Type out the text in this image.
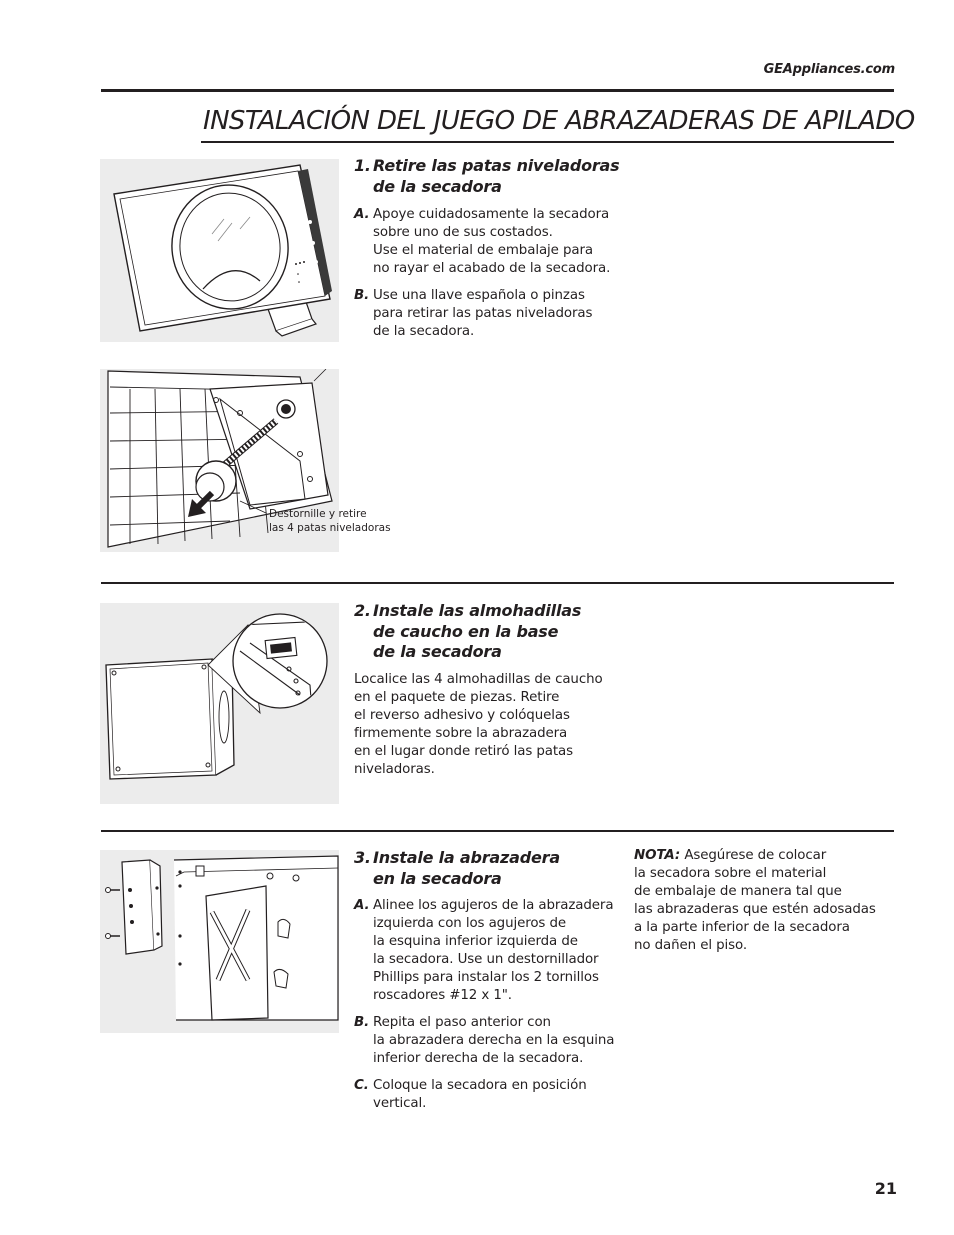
GEAppliances.com
INSTALACIÓN DEL JUEGO DE ABRAZADERAS DE APILADO
1. Retire las patas niveladoras
de la secadora
A. Apoye cuidadosamente la secadora
sobre uno de sus costados.
Use el material de embalaje para
no rayar el acabado de la secadora.
B. Use una llave española o pinzas
para retirar las patas niveladoras
de la secadora.
Destornille y retire
las 4 patas niveladoras
2. Instale las almohadillas
de caucho en la base
de la secadora
Localice las 4 almohadillas de caucho
en el paquete de piezas. Retire
el reverso adhesivo y colóquelas
firmemente sobre la abrazadera
en el lugar donde retiró las patas
niveladoras.
3. Instale la abrazadera
en la secadora
A. Alinee los agujeros de la abrazadera
izquierda con los agujeros de
la esquina inferior izquierda de
la secadora. Use un destornillador
Phillips para instalar los 2 tornillos
roscadores #12 x 1".
B. Repita el paso anterior con
la abrazadera derecha en la esquina
inferior derecha de la secadora.
C. Coloque la secadora en posición
vertical.
NOTA: Asegúrese de colocar
la secadora sobre el material
de embalaje de manera tal que
las abrazaderas que estén adosadas
a la parte inferior de la secadora
no dañen el piso.
21
